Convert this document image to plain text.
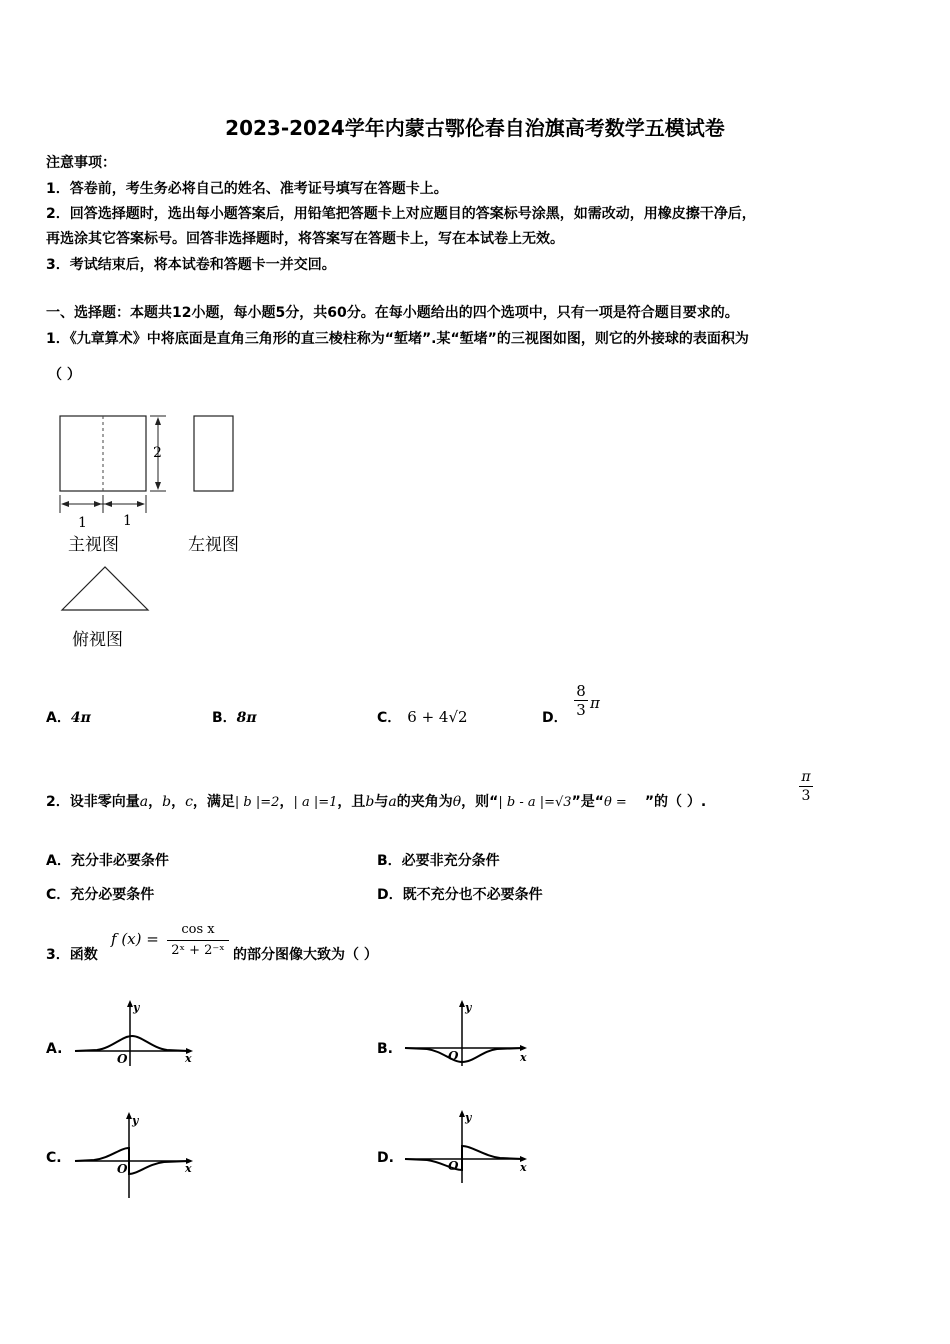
2023-2024学年内蒙古鄂伦春自治旗高考数学五模试卷
注意事项：
1．答卷前，考生务必将自己的姓名、准考证号填写在答题卡上。
2．回答选择题时，选出每小题答案后，用铅笔把答题卡上对应题目的答案标号涂黑，如需改动，用橡皮擦干净后，
再选涂其它答案标号。回答非选择题时，将答案写在答题卡上，写在本试卷上无效。
3．考试结束后，将本试卷和答题卡一并交回。
一、选择题：本题共12小题，每小题5分，共60分。在每小题给出的四个选项中，只有一项是符合题目要求的。
1．《九章算术》中将底面是直角三角形的直三棱柱称为“堑堵”.某“堑堵”的三视图如图，则它的外接球的表面积为
（ ）
2
1	1
主视图	左视图
俯视图
A．4π	B．8π	C． 6 + 4√2	D． $\frac{8}{3}$ π
2．设非零向量a，b，c，满足| b |=2，| a |=1，且b与a的夹角为θ，则“| b - a |=√3”是“θ = ”的（ ）.
π
3
A．充分非必要条件	B．必要非充分条件
C．充分必要条件	D．既不充分也不必要条件
3．函数
f $(x) = \frac{\text{cos x}}{\text{2ˣ + 2⁻ˣ}}$ 的部分图像大致为（ ）
A.	B.
C.	D.
y
x
O
y
x
O
y
x
O
y
x
O
